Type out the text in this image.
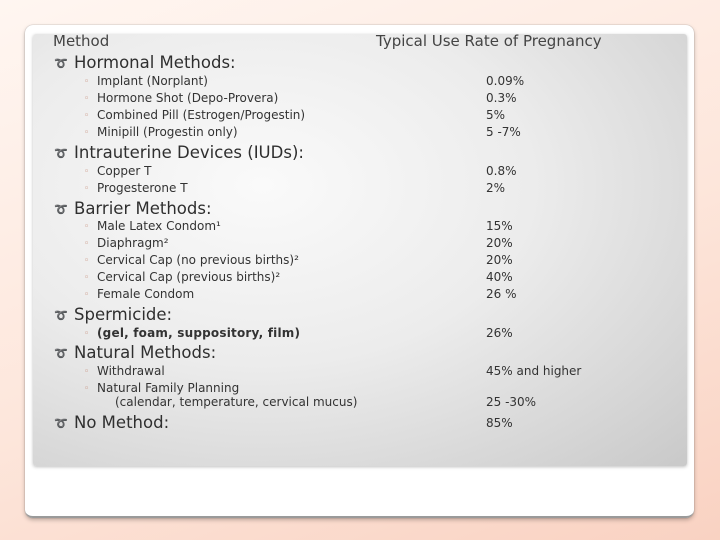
Method	Typical Use Rate of Pregnancy
➰ Hormonal Methods:
◦ Implant (Norplant)	0.09%
◦ Hormone Shot (Depo-Provera)	0.3%
◦ Combined Pill (Estrogen/Progestin)	5%
◦ Minipill (Progestin only)	5 -7%
➰ Intrauterine Devices (IUDs):
◦ Copper T	0.8%
◦ Progesterone T	2%
➰ Barrier Methods:
◦ Male Latex Condom¹	15%
◦ Diaphragm²	20%
◦ Cervical Cap (no previous births)²	20%
◦ Cervical Cap (previous births)²	40%
◦ Female Condom	26 %
➰ Spermicide:
◦ (gel, foam, suppository, film)	26%
➰ Natural Methods:
◦ Withdrawal	45% and higher
◦ Natural Family Planning
(calendar, temperature, cervical mucus)	25 -30%
➰ No Method:	85%
